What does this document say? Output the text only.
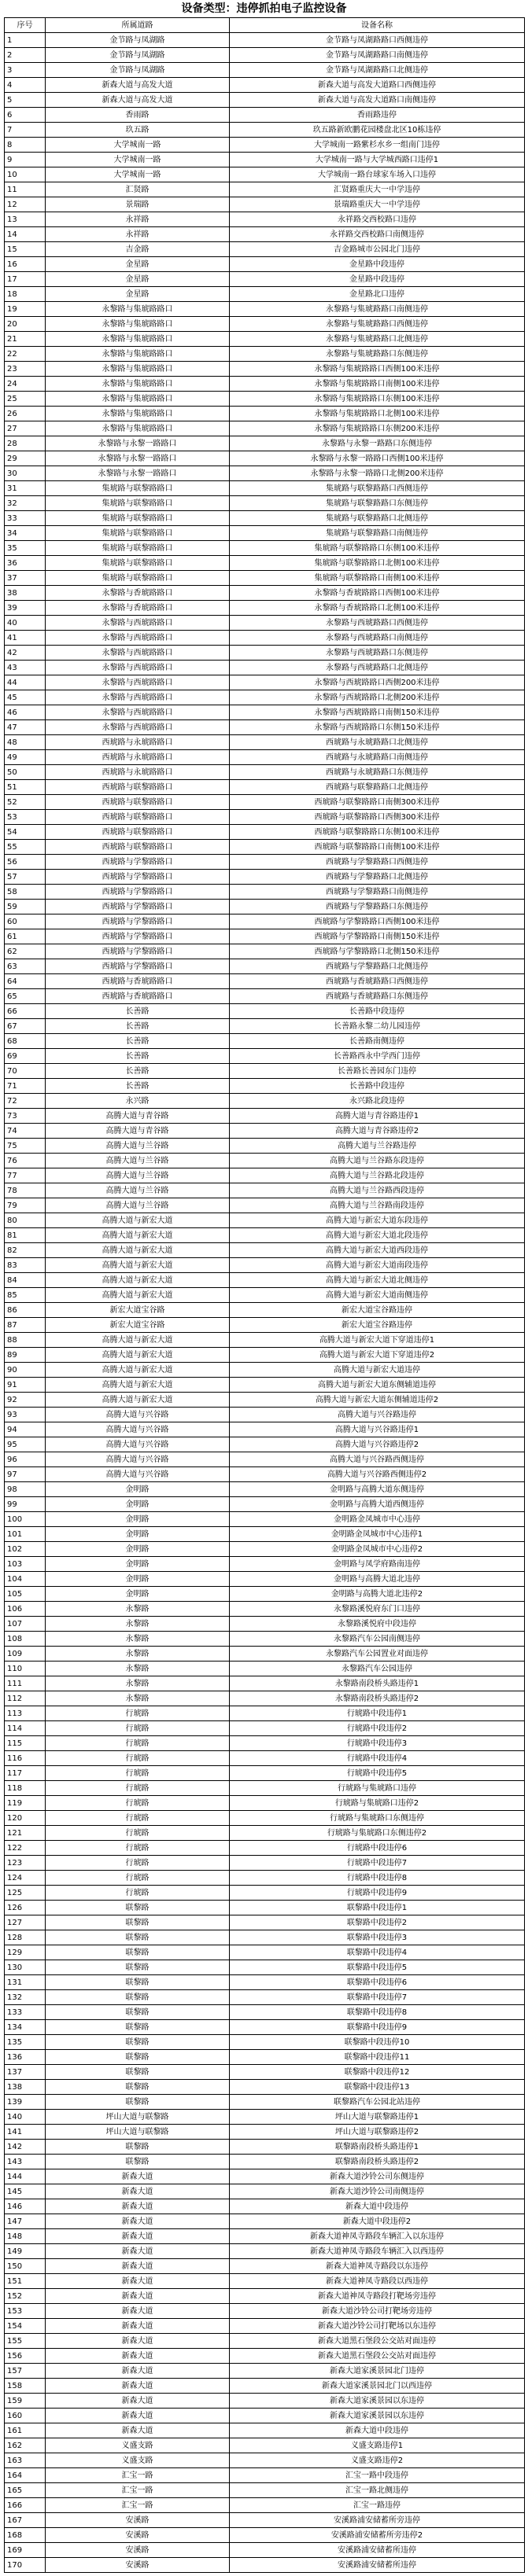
设备类型：违停抓拍电子监控设备
序号	所属道路	设备名称
1	金节路与凤湖路	金节路与凤湖路路口西侧违停
2	金节路与凤湖路	金节路与凤湖路路口南侧违停
3	金节路与凤湖路	金节路与凤湖路路口北侧违停
4	新森大道与高发大道	新森大道与高发大道路口西侧违停
5	新森大道与高发大道	新森大道与高发大道路口南侧违停
6	香雨路	香雨路违停
7	玖五路	玖五路新欧鹏花园楼盘北区10栋违停
8	大学城南一路	大学城南一路紫杉水乡一组南门违停
9	大学城南一路	大学城南一路与大学城西路口违停1
10	大学城南一路	大学城南一路台球家车场入口违停
11	汇贤路	汇贤路重庆大一中学违停
12	景瑞路	景瑞路重庆大一中学违停
13	永祥路	永祥路交西校路口违停
14	永祥路	永祥路交西校路口南侧违停
15	吉金路	吉金路城市公园北门违停
16	金星路	金星路中段违停
17	金星路	金星路中段违停
18	金星路	金星路北口违停
19	永黎路与集琥路路口	永黎路与集琥路路口南侧违停
20	永黎路与集琥路路口	永黎路与集琥路路口西侧违停
21	永黎路与集琥路路口	永黎路与集琥路路口北侧违停
22	永黎路与集琥路路口	永黎路与集琥路路口东侧违停
23	永黎路与集琥路路口	永黎路与集琥路路口西侧100米违停
24	永黎路与集琥路路口	永黎路与集琥路路口南侧100米违停
25	永黎路与集琥路路口	永黎路与集琥路路口东侧100米违停
26	永黎路与集琥路路口	永黎路与集琥路路口北侧100米违停
27	永黎路与集琥路路口	永黎路与集琥路路口东侧200米违停
28	永黎路与永黎一路路口	永黎路与永黎一路路口东侧违停
29	永黎路与永黎一路路口	永黎路与永黎一路路口西侧100米违停
30	永黎路与永黎一路路口	永黎路与永黎一路路口北侧200米违停
31	集琥路与联黎路路口	集琥路与联黎路路口西侧违停
32	集琥路与联黎路路口	集琥路与联黎路路口东侧违停
33	集琥路与联黎路路口	集琥路与联黎路路口北侧违停
34	集琥路与联黎路路口	集琥路与联黎路路口南侧违停
35	集琥路与联黎路路口	集琥路与联黎路路口东侧100米违停
36	集琥路与联黎路路口	集琥路与联黎路路口北侧100米违停
37	集琥路与联黎路路口	集琥路与联黎路路口南侧100米违停
38	永黎路与香琥路路口	永黎路与香琥路路口西侧100米违停
39	永黎路与香琥路路口	永黎路与香琥路路口北侧100米违停
40	永黎路与西琥路路口	永黎路与西琥路路口西侧违停
41	永黎路与西琥路路口	永黎路与西琥路路口南侧违停
42	永黎路与西琥路路口	永黎路与西琥路路口东侧违停
43	永黎路与西琥路路口	永黎路与西琥路路口北侧违停
44	永黎路与西琥路路口	永黎路与西琥路路口西侧200米违停
45	永黎路与西琥路路口	永黎路与西琥路路口北侧200米违停
46	永黎路与西琥路路口	永黎路与西琥路路口南侧150米违停
47	永黎路与西琥路路口	永黎路与西琥路路口东侧150米违停
48	西琥路与永琥路路口	西琥路与永琥路路口北侧违停
49	西琥路与永琥路路口	西琥路与永琥路路口南侧违停
50	西琥路与永琥路路口	西琥路与永琥路路口东侧违停
51	西琥路与联黎路路口	西琥路与联黎路路口北侧违停
52	西琥路与联黎路路口	西琥路与联黎路路口南侧300米违停
53	西琥路与联黎路路口	西琥路与联黎路路口西侧300米违停
54	西琥路与联黎路路口	西琥路与联黎路路口东侧100米违停
55	西琥路与联黎路路口	西琥路与联黎路路口南侧100米违停
56	西琥路与学黎路路口	西琥路与学黎路路口西侧违停
57	西琥路与学黎路路口	西琥路与学黎路路口北侧违停
58	西琥路与学黎路路口	西琥路与学黎路路口南侧违停
59	西琥路与学黎路路口	西琥路与学黎路路口东侧违停
60	西琥路与学黎路路口	西琥路与学黎路路口西侧100米违停
61	西琥路与学黎路路口	西琥路与学黎路路口南侧150米违停
62	西琥路与学黎路路口	西琥路与学黎路路口北侧150米违停
63	西琥路与学黎路路口	西琥路与学黎路路口北侧违停
64	西琥路与香琥路路口	西琥路与香琥路路口西侧违停
65	西琥路与香琥路路口	西琥路与香琥路路口东侧违停
66	长善路	长善路中段违停
67	长善路	长善路永黎二幼儿园违停
68	长善路	长善路南侧违停
69	长善路	长善路西永中学西门违停
70	长善路	长善路长善园东门违停
71	长善路	长善路中段违停
72	永兴路	永兴路北段违停
73	高腾大道与青谷路	高腾大道与青谷路违停1
74	高腾大道与青谷路	高腾大道与青谷路违停2
75	高腾大道与兰谷路	高腾大道与兰谷路违停
76	高腾大道与兰谷路	高腾大道与兰谷路东段违停
77	高腾大道与兰谷路	高腾大道与兰谷路北段违停
78	高腾大道与兰谷路	高腾大道与兰谷路西段违停
79	高腾大道与兰谷路	高腾大道与兰谷路南段违停
80	高腾大道与新宏大道	高腾大道与新宏大道东段违停
81	高腾大道与新宏大道	高腾大道与新宏大道北段违停
82	高腾大道与新宏大道	高腾大道与新宏大道西段违停
83	高腾大道与新宏大道	高腾大道与新宏大道南段违停
84	高腾大道与新宏大道	高腾大道与新宏大道北侧违停
85	高腾大道与新宏大道	高腾大道与新宏大道南侧违停
86	新宏大道宝谷路	新宏大道宝谷路违停
87	新宏大道宝谷路	新宏大道宝谷路违停
88	高腾大道与新宏大道	高腾大道与新宏大道下穿道违停1
89	高腾大道与新宏大道	高腾大道与新宏大道下穿道违停2
90	高腾大道与新宏大道	高腾大道与新宏大道违停
91	高腾大道与新宏大道	高腾大道与新宏大道东侧辅道违停
92	高腾大道与新宏大道	高腾大道与新宏大道东侧辅道违停2
93	高腾大道与兴谷路	高腾大道与兴谷路违停
94	高腾大道与兴谷路	高腾大道与兴谷路违停1
95	高腾大道与兴谷路	高腾大道与兴谷路违停2
96	高腾大道与兴谷路	高腾大道与兴谷路西侧违停
97	高腾大道与兴谷路	高腾大道与兴谷路西侧违停2
98	金明路	金明路与高腾大道东侧违停
99	金明路	金明路与高腾大道西侧违停
100	金明路	金明路金凤城市中心违停
101	金明路	金明路金凤城市中心违停1
102	金明路	金明路金凤城市中心违停2
103	金明路	金明路与凤学府路南违停
104	金明路	金明路与高腾大道北违停
105	金明路	金明路与高腾大道北违停2
106	永黎路	永黎路溪悦府东门口违停
107	永黎路	永黎路溪悦府中段违停
108	永黎路	永黎路汽车公园南侧违停
109	永黎路	永黎路汽车公园置业对面违停
110	永黎路	永黎路汽车公园违停
111	永黎路	永黎路南段桥头路违停1
112	永黎路	永黎路南段桥头路违停2
113	行琥路	行琥路中段违停1
114	行琥路	行琥路中段违停2
115	行琥路	行琥路中段违停3
116	行琥路	行琥路中段违停4
117	行琥路	行琥路中段违停5
118	行琥路	行琥路与集琥路口违停
119	行琥路	行琥路与集琥路口违停2
120	行琥路	行琥路与集琥路口东侧违停
121	行琥路	行琥路与集琥路口东侧违停2
122	行琥路	行琥路中段违停6
123	行琥路	行琥路中段违停7
124	行琥路	行琥路中段违停8
125	行琥路	行琥路中段违停9
126	联黎路	联黎路中段违停1
127	联黎路	联黎路中段违停2
128	联黎路	联黎路中段违停3
129	联黎路	联黎路中段违停4
130	联黎路	联黎路中段违停5
131	联黎路	联黎路中段违停6
132	联黎路	联黎路中段违停7
133	联黎路	联黎路中段违停8
134	联黎路	联黎路中段违停9
135	联黎路	联黎路中段违停10
136	联黎路	联黎路中段违停11
137	联黎路	联黎路中段违停12
138	联黎路	联黎路中段违停13
139	联黎路	联黎路汽车公园北站违停
140	坪山大道与联黎路	坪山大道与联黎路违停1
141	坪山大道与联黎路	坪山大道与联黎路违停2
142	联黎路	联黎路南段桥头路违停1
143	联黎路	联黎路南段桥头路违停2
144	新森大道	新森大道沙铃公司东侧违停
145	新森大道	新森大道沙铃公司南侧违停
146	新森大道	新森大道中段违停
147	新森大道	新森大道中段违停2
148	新森大道	新森大道神凤寺路段车辆汇入以东违停
149	新森大道	新森大道神凤寺路段车辆汇入以西违停
150	新森大道	新森大道神凤寺路段以东违停
151	新森大道	新森大道神凤寺路段以西违停
152	新森大道	新森大道神凤寺路段打靶场旁违停
153	新森大道	新森大道沙铃公司打靶场旁违停
154	新森大道	新森大道沙铃公司打靶场以东违停
155	新森大道	新森大道黑石堡段公交站对面违停
156	新森大道	新森大道黑石堡段公交站对面违停
157	新森大道	新森大道家溪景园北门违停
158	新森大道	新森大道家溪景园北门以西违停
159	新森大道	新森大道家溪景园以东违停
160	新森大道	新森大道家溪景园以东违停
161	新森大道	新森大道中段违停
162	义盛支路	义盛支路违停1
163	义盛支路	义盛支路违停2
164	汇宝一路	汇宝一路中段违停
165	汇宝一路	汇宝一路北侧违停
166	汇宝一路	汇宝一路违停
167	安溪路	安溪路浦安储蓄所旁违停
168	安溪路	安溪路浦安储蓄所旁违停2
169	安溪路	安溪路浦安储蓄所违停
170	安溪路	安溪路浦安储蓄所违停
